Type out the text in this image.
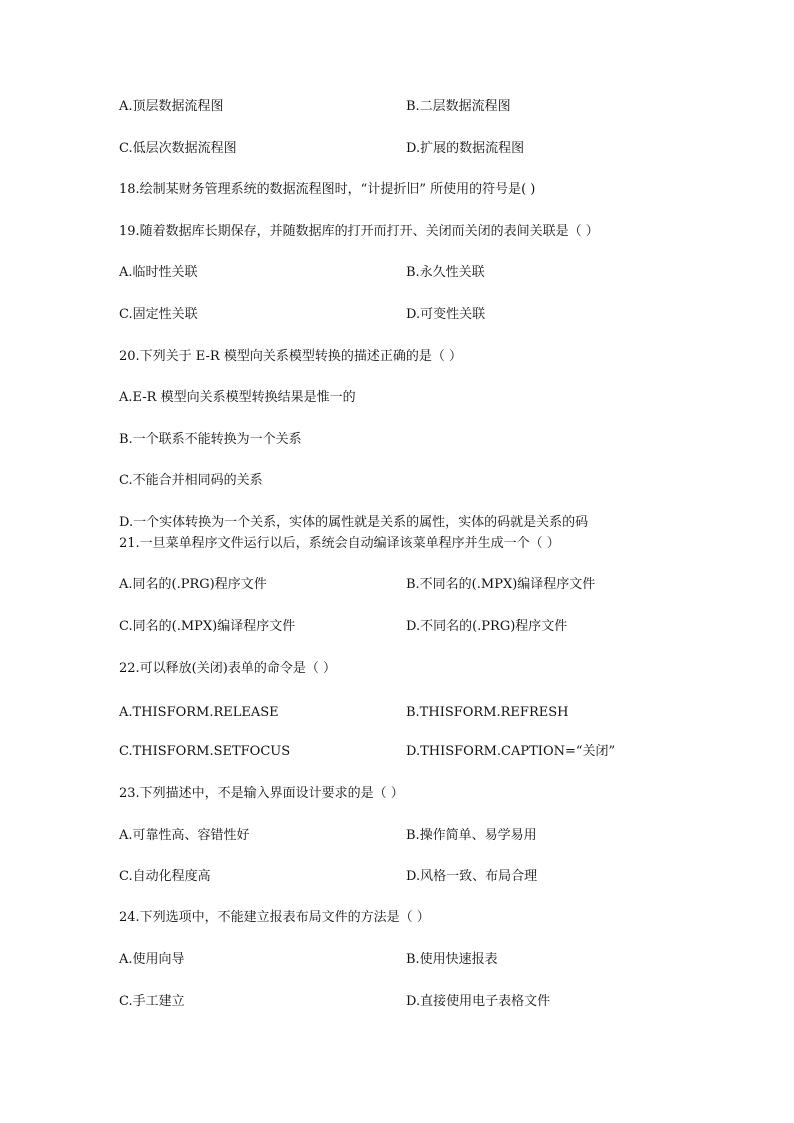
A.顶层数据流程图	B.二层数据流程图
C.低层次数据流程图	D.扩展的数据流程图
18.绘制某财务管理系统的数据流程图时，“计提折旧” 所使用的符号是( )
19.随着数据库长期保存，并随数据库的打开而打开、关闭而关闭的表间关联是（ ）
A.临时性关联	B.永久性关联
C.固定性关联	D.可变性关联
20.下列关于 E-R 模型向关系模型转换的描述正确的是（ ）
A.E-R 模型向关系模型转换结果是惟一的
B.一个联系不能转换为一个关系
C.不能合并相同码的关系
D.一个实体转换为一个关系，实体的属性就是关系的属性，实体的码就是关系的码
21.一旦菜单程序文件运行以后，系统会自动编译该菜单程序并生成一个（ ）
A.同名的(.PRG)程序文件	B.不同名的(.MPX)编译程序文件
C.同名的(.MPX)编译程序文件	D.不同名的(.PRG)程序文件
22.可以释放(关闭)表单的命令是（ ）
A.THISFORM.RELEASE	B.THISFORM.REFRESH
C.THISFORM.SETFOCUS	D.THISFORM.CAPTION=“关闭”
23.下列描述中，不是输入界面设计要求的是（ ）
A.可靠性高、容错性好	B.操作简单、易学易用
C.自动化程度高	D.风格一致、布局合理
24.下列选项中，不能建立报表布局文件的方法是（ ）
A.使用向导	B.使用快速报表
C.手工建立	D.直接使用电子表格文件
